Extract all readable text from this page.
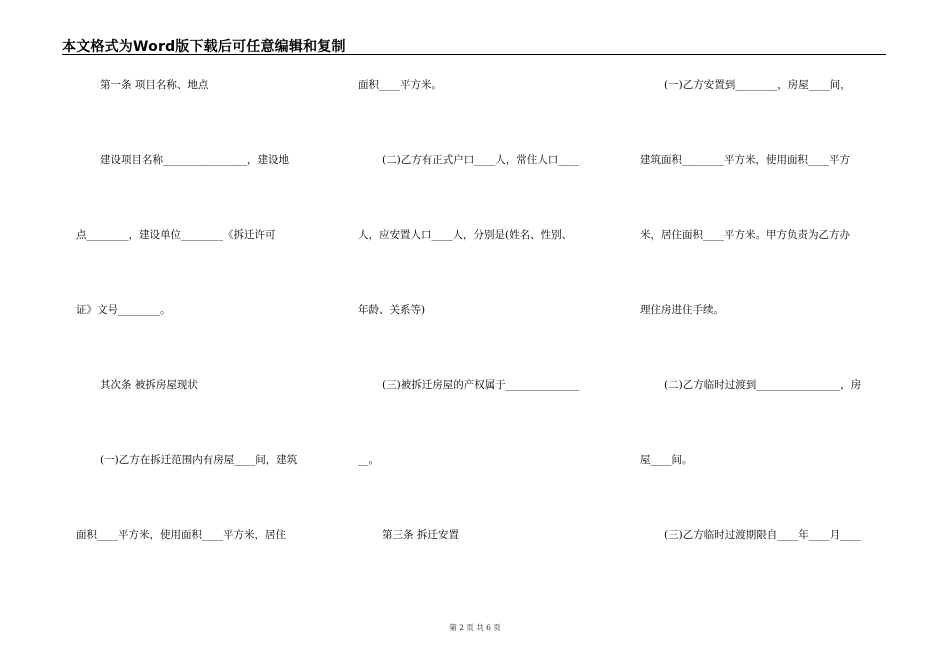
本文格式为Word版下载后可任意编辑和复制
第一条 项目名称、地点
建设项目名称________________，建设地
点________，建设单位________《拆迁许可
证》文号________。
其次条 被拆房屋现状
(一)乙方在拆迁范围内有房屋____间，建筑
面积____平方米，使用面积____平方米，居住
面积____平方米。
(二)乙方有正式户口____人，常住人口____
人，应安置人口____人，分别是(姓名、性别、
年龄、关系等)
(三)被拆迁房屋的产权属于______________
__。
第三条 拆迁安置
(一)乙方安置到________，房屋____间，
建筑面积________平方米，使用面积____平方
米，居住面积____平方米。甲方负责为乙方办
理住房进住手续。
(二)乙方临时过渡到________________，房
屋____间。
(三)乙方临时过渡期限自____年____月____
第 2 页 共 6 页
